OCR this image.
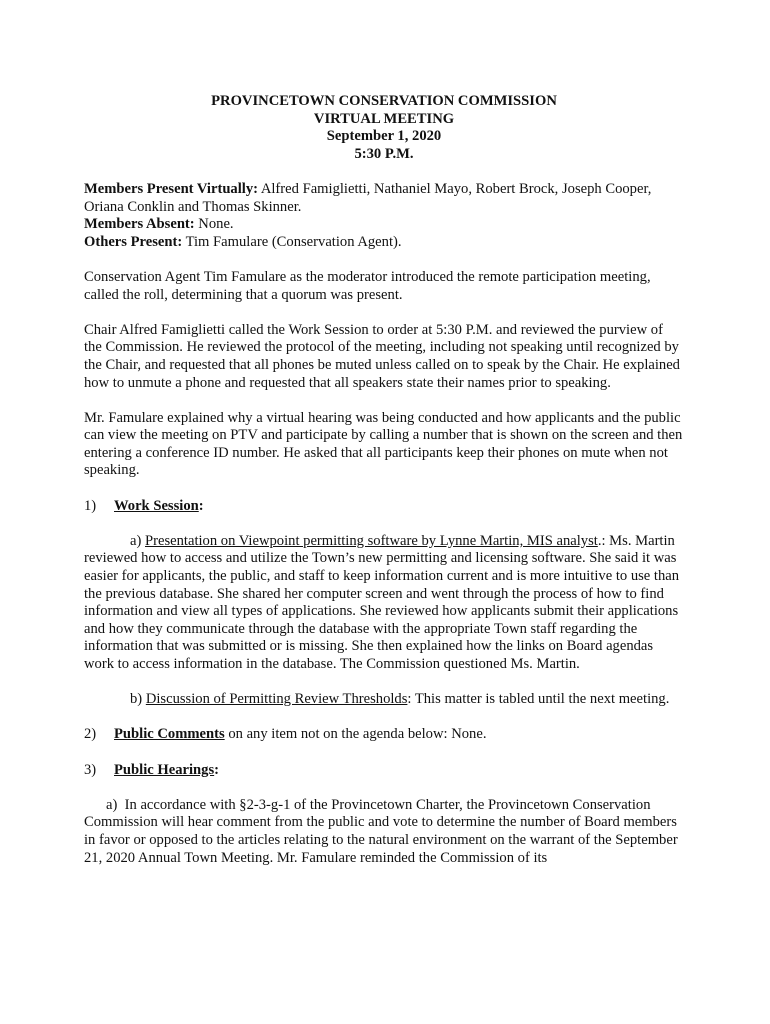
PROVINCETOWN CONSERVATION COMMISSION
VIRTUAL MEETING
September 1, 2020
5:30 P.M.

Members Present Virtually: Alfred Famiglietti, Nathaniel Mayo, Robert Brock, Joseph Cooper, Oriana Conklin and Thomas Skinner.

Members Absent: None.

Others Present: Tim Famulare (Conservation Agent).

Conservation Agent Tim Famulare as the moderator introduced the remote participation meeting, called the roll, determining that a quorum was present.

Chair Alfred Famiglietti called the Work Session to order at 5:30 P.M. and reviewed the purview of the Commission. He reviewed the protocol of the meeting, including not speaking until recognized by the Chair, and requested that all phones be muted unless called on to speak by the Chair. He explained how to unmute a phone and requested that all speakers state their names prior to speaking.

Mr. Famulare explained why a virtual hearing was being conducted and how applicants and the public can view the meeting on PTV and participate by calling a number that is shown on the screen and then entering a conference ID number. He asked that all participants keep their phones on mute when not speaking.

1) Work Session:

a) Presentation on Viewpoint permitting software by Lynne Martin, MIS analyst.: Ms. Martin reviewed how to access and utilize the Town’s new permitting and licensing software. She said it was easier for applicants, the public, and staff to keep information current and is more intuitive to use than the previous database. She shared her computer screen and went through the process of how to find information and view all types of applications. She reviewed how applicants submit their applications and how they communicate through the database with the appropriate Town staff regarding the information that was submitted or is missing. She then explained how the links on Board agendas work to access information in the database. The Commission questioned Ms. Martin.

b) Discussion of Permitting Review Thresholds: This matter is tabled until the next meeting.

2) Public Comments on any item not on the agenda below: None.

3) Public Hearings:

a)  In accordance with §2-3-g-1 of the Provincetown Charter, the Provincetown Conservation Commission will hear comment from the public and vote to determine the number of Board members in favor or opposed to the articles relating to the natural environment on the warrant of the September 21, 2020 Annual Town Meeting. Mr. Famulare reminded the Commission of its
